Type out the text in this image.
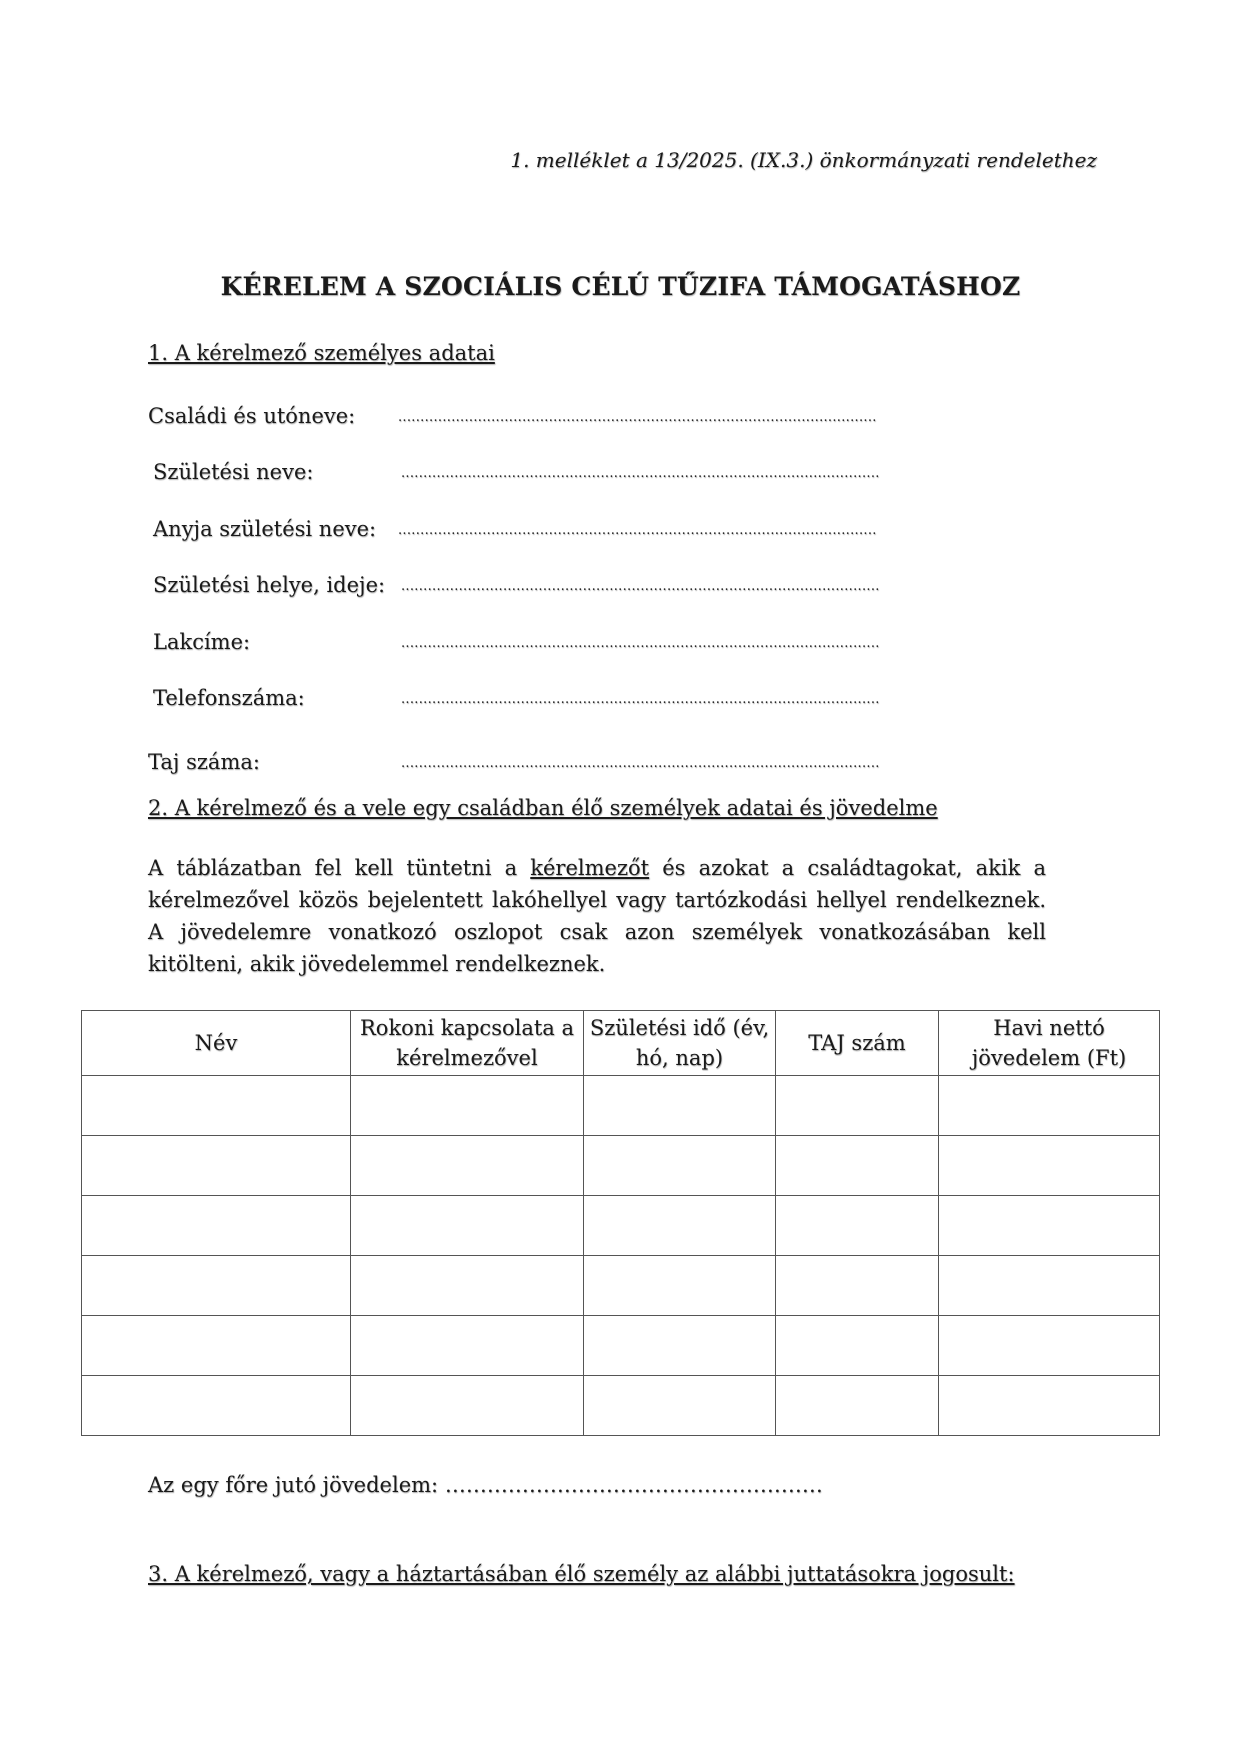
1. melléklet a 13/2025. (IX.3.) önkormányzati rendelethez
KÉRELEM A SZOCIÁLIS CÉLÚ TŰZIFA TÁMOGATÁSHOZ
1. A kérelmező személyes adatai
Családi és utóneve:	............................................................................................................
Születési neve:	............................................................................................................
Anyja születési neve: ............................................................................................................
Születési helye, ideje: ............................................................................................................
Lakcíme:	............................................................................................................
Telefonszáma:	............................................................................................................
Taj száma:	............................................................................................................
2. A kérelmező és a vele egy családban élő személyek adatai és jövedelme
A táblázatban fel kell tüntetni a kérelmezőt és azokat a családtagokat, akik a kérelmezővel közös bejelentett lakóhellyel vagy tartózkodási hellyel rendelkeznek. A jövedelemre vonatkozó oszlopot csak azon személyek vonatkozásában kell kitölteni, akik jövedelemmel rendelkeznek.
Név	Rokoni kapcsolata a kérelmezővel	Születési idő (év, hó, nap)	TAJ szám	Havi nettó jövedelem (Ft)

Az egy főre jutó jövedelem: ………………………………………………
3. A kérelmező, vagy a háztartásában élő személy az alábbi juttatásokra jogosult:
